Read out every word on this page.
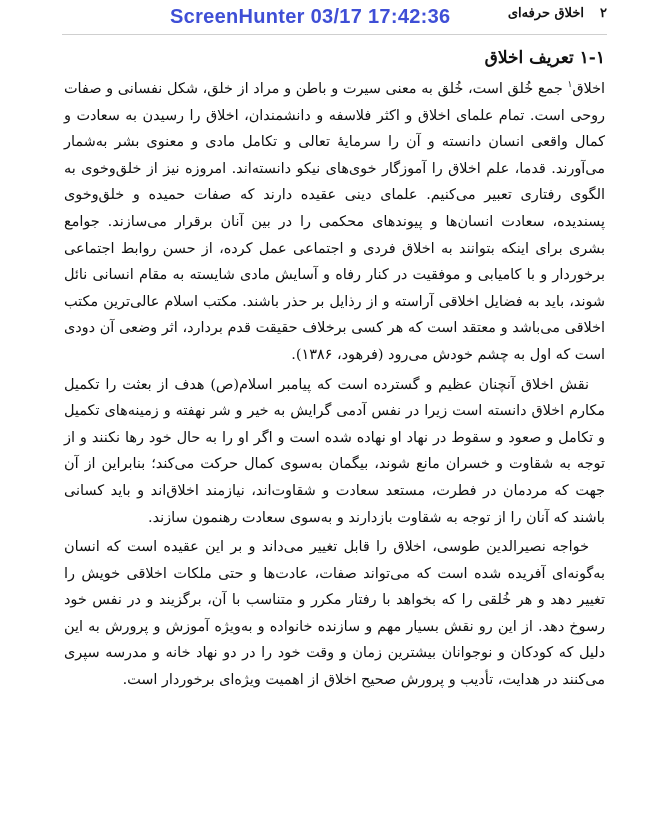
ScreenHunter 03/17 17:42:36	۲
اخلاق حرفه‌ای
۱-۱ تعریف اخلاق

اخلاق$^۱$ جمع خُلق است، خُلق به معنی سیرت و باطن و مراد از خلق، شکل نفسانی و صفات روحی است. تمام علمای اخلاق و اکثر فلاسفه و دانشمندان، اخلاق را رسیدن به سعادت و کمال واقعی انسان دانسته و آن را سرمایهٔ تعالی و تکامل مادی و معنوی بشر به‌شمار می‌آورند. قدما، علم اخلاق را آموزگار خوی‌های نیکو دانسته‌اند. امروزه نیز از خلق‌وخوی به الگوی رفتاری تعبیر می‌کنیم. علمای دینی عقیده دارند که صفات حمیده و خلق‌وخوی پسندیده، سعادت انسان‌ها و پیوندهای محکمی را در بین آنان برقرار می‌سازند. جوامع بشری برای اینکه بتوانند به اخلاق فردی و اجتماعی عمل کرده، از حسن روابط اجتماعی برخوردار و با کامیابی و موفقیت در کنار رفاه و آسایش مادی شایسته به مقام انسانی نائل شوند، باید به فضایل اخلاقی آراسته و از رذایل بر حذر باشند. مکتب اسلام عالی‌ترین مکتب اخلاقی می‌باشد و معتقد است که هر کسی برخلاف حقیقت قدم بردارد، اثر وضعی آن دودی است که اول به چشم خودش می‌رود (فرهود، ۱۳۸۶).

نقش اخلاق آنچنان عظیم و گسترده است که پیامبر اسلام(ص) هدف از بعثت را تکمیل مکارم اخلاق دانسته است زیرا در نفس آدمی گرایش به خیر و شر نهفته و زمینه‌های تکمیل و تکامل و صعود و سقوط در نهاد او نهاده شده است و اگر او را به حال خود رها نکنند و از توجه به شقاوت و خسران مانع شوند، بیگمان به‌سوی کمال حرکت می‌کند؛ بنابراین از آن جهت که مردمان در فطرت، مستعد سعادت و شقاوت‌اند، نیازمند اخلاق‌اند و باید کسانی باشند که آنان را از توجه به شقاوت بازدارند و به‌سوی سعادت رهنمون سازند.

خواجه نصیرالدین طوسی، اخلاق را قابل تغییر می‌داند و بر این عقیده است که انسان به‌گونه‌ای آفریده شده است که می‌تواند صفات، عادت‌ها و حتی ملکات اخلاقی خویش را تغییر دهد و هر خُلقی را که بخواهد با رفتار مکرر و متناسب با آن، برگزیند و در نفس خود رسوخ دهد. از این رو نقش بسیار مهم و سازنده خانواده و به‌ویژه آموزش و پرورش به این دلیل که کودکان و نوجوانان بیشترین زمان و وقت خود را در دو نهاد خانه و مدرسه سپری می‌کنند در هدایت، تأدیب و پرورش صحیح اخلاق از اهمیت ویژه‌ای برخوردار است.
